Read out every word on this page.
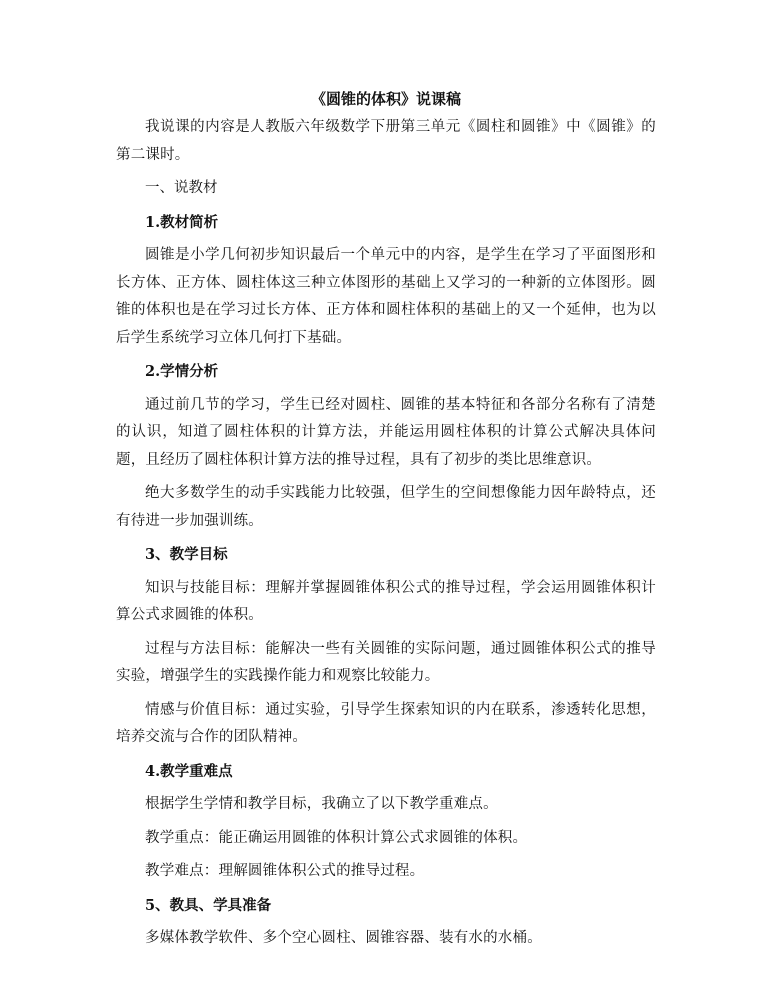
《圆锥的体积》说课稿
我说课的内容是人教版六年级数学下册第三单元《圆柱和圆锥》中《圆锥》的第二课时。
一、说教材
1.教材简析
圆锥是小学几何初步知识最后一个单元中的内容，是学生在学习了平面图形和长方体、正方体、圆柱体这三种立体图形的基础上又学习的一种新的立体图形。圆锥的体积也是在学习过长方体、正方体和圆柱体积的基础上的又一个延伸，也为以后学生系统学习立体几何打下基础。
2.学情分析
通过前几节的学习，学生已经对圆柱、圆锥的基本特征和各部分名称有了清楚的认识，知道了圆柱体积的计算方法，并能运用圆柱体积的计算公式解决具体问题，且经历了圆柱体积计算方法的推导过程，具有了初步的类比思维意识。
绝大多数学生的动手实践能力比较强，但学生的空间想像能力因年龄特点，还有待进一步加强训练。
3、教学目标
知识与技能目标：理解并掌握圆锥体积公式的推导过程，学会运用圆锥体积计算公式求圆锥的体积。
过程与方法目标：能解决一些有关圆锥的实际问题，通过圆锥体积公式的推导实验，增强学生的实践操作能力和观察比较能力。
情感与价值目标：通过实验，引导学生探索知识的内在联系，渗透转化思想，培养交流与合作的团队精神。
4.教学重难点
根据学生学情和教学目标，我确立了以下教学重难点。
教学重点：能正确运用圆锥的体积计算公式求圆锥的体积。
教学难点：理解圆锥体积公式的推导过程。
5、教具、学具准备
多媒体教学软件、多个空心圆柱、圆锥容器、装有水的水桶。
